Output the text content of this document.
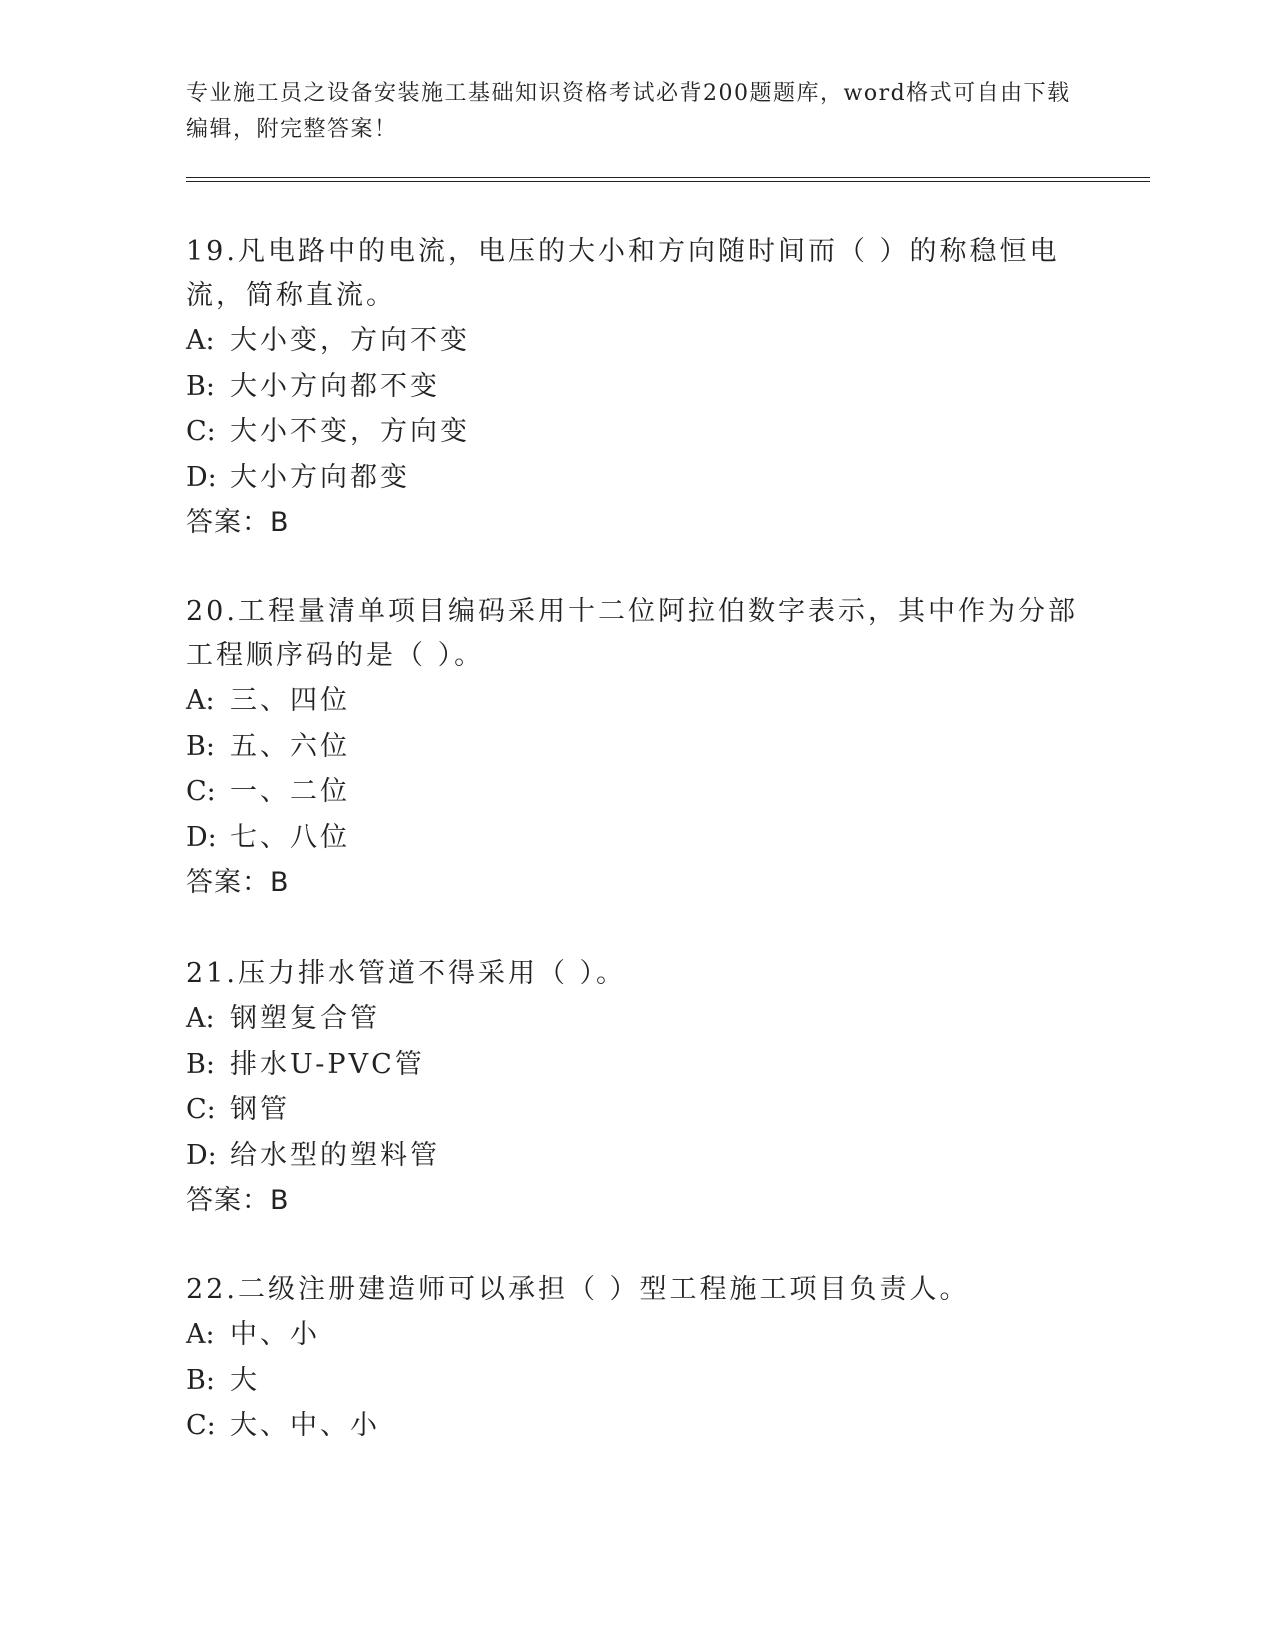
专业施工员之设备安装施工基础知识资格考试必背200题题库，word格式可自由下载编辑，附完整答案！

19.凡电路中的电流，电压的大小和方向随时间而（ ）的称稳恒电流，简称直流。

A: 大小变，方向不变

B: 大小方向都不变

C: 大小不变，方向变

D: 大小方向都变

答案：B

20.工程量清单项目编码采用十二位阿拉伯数字表示，其中作为分部工程顺序码的是（ ）。

A: 三、四位

B: 五、六位

C: 一、二位

D: 七、八位

答案：B

21.压力排水管道不得采用（ ）。

A: 钢塑复合管

B: 排水U-PVC管

C: 钢管

D: 给水型的塑料管

答案：B

22.二级注册建造师可以承担（ ）型工程施工项目负责人。

A: 中、小

B: 大

C: 大、中、小
